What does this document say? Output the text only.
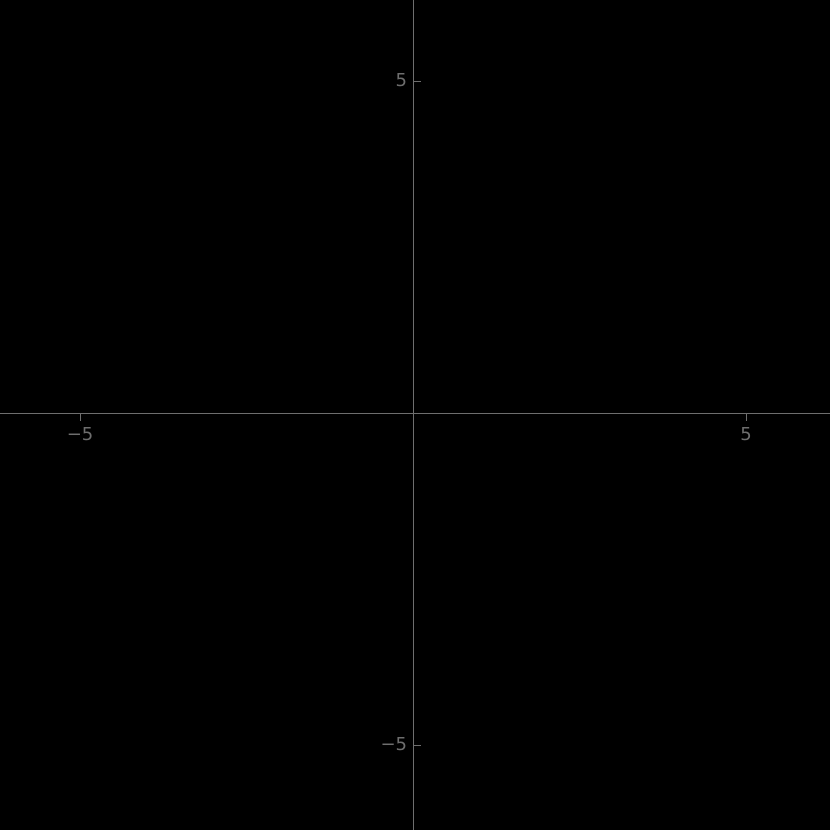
−5	5
5
−5
